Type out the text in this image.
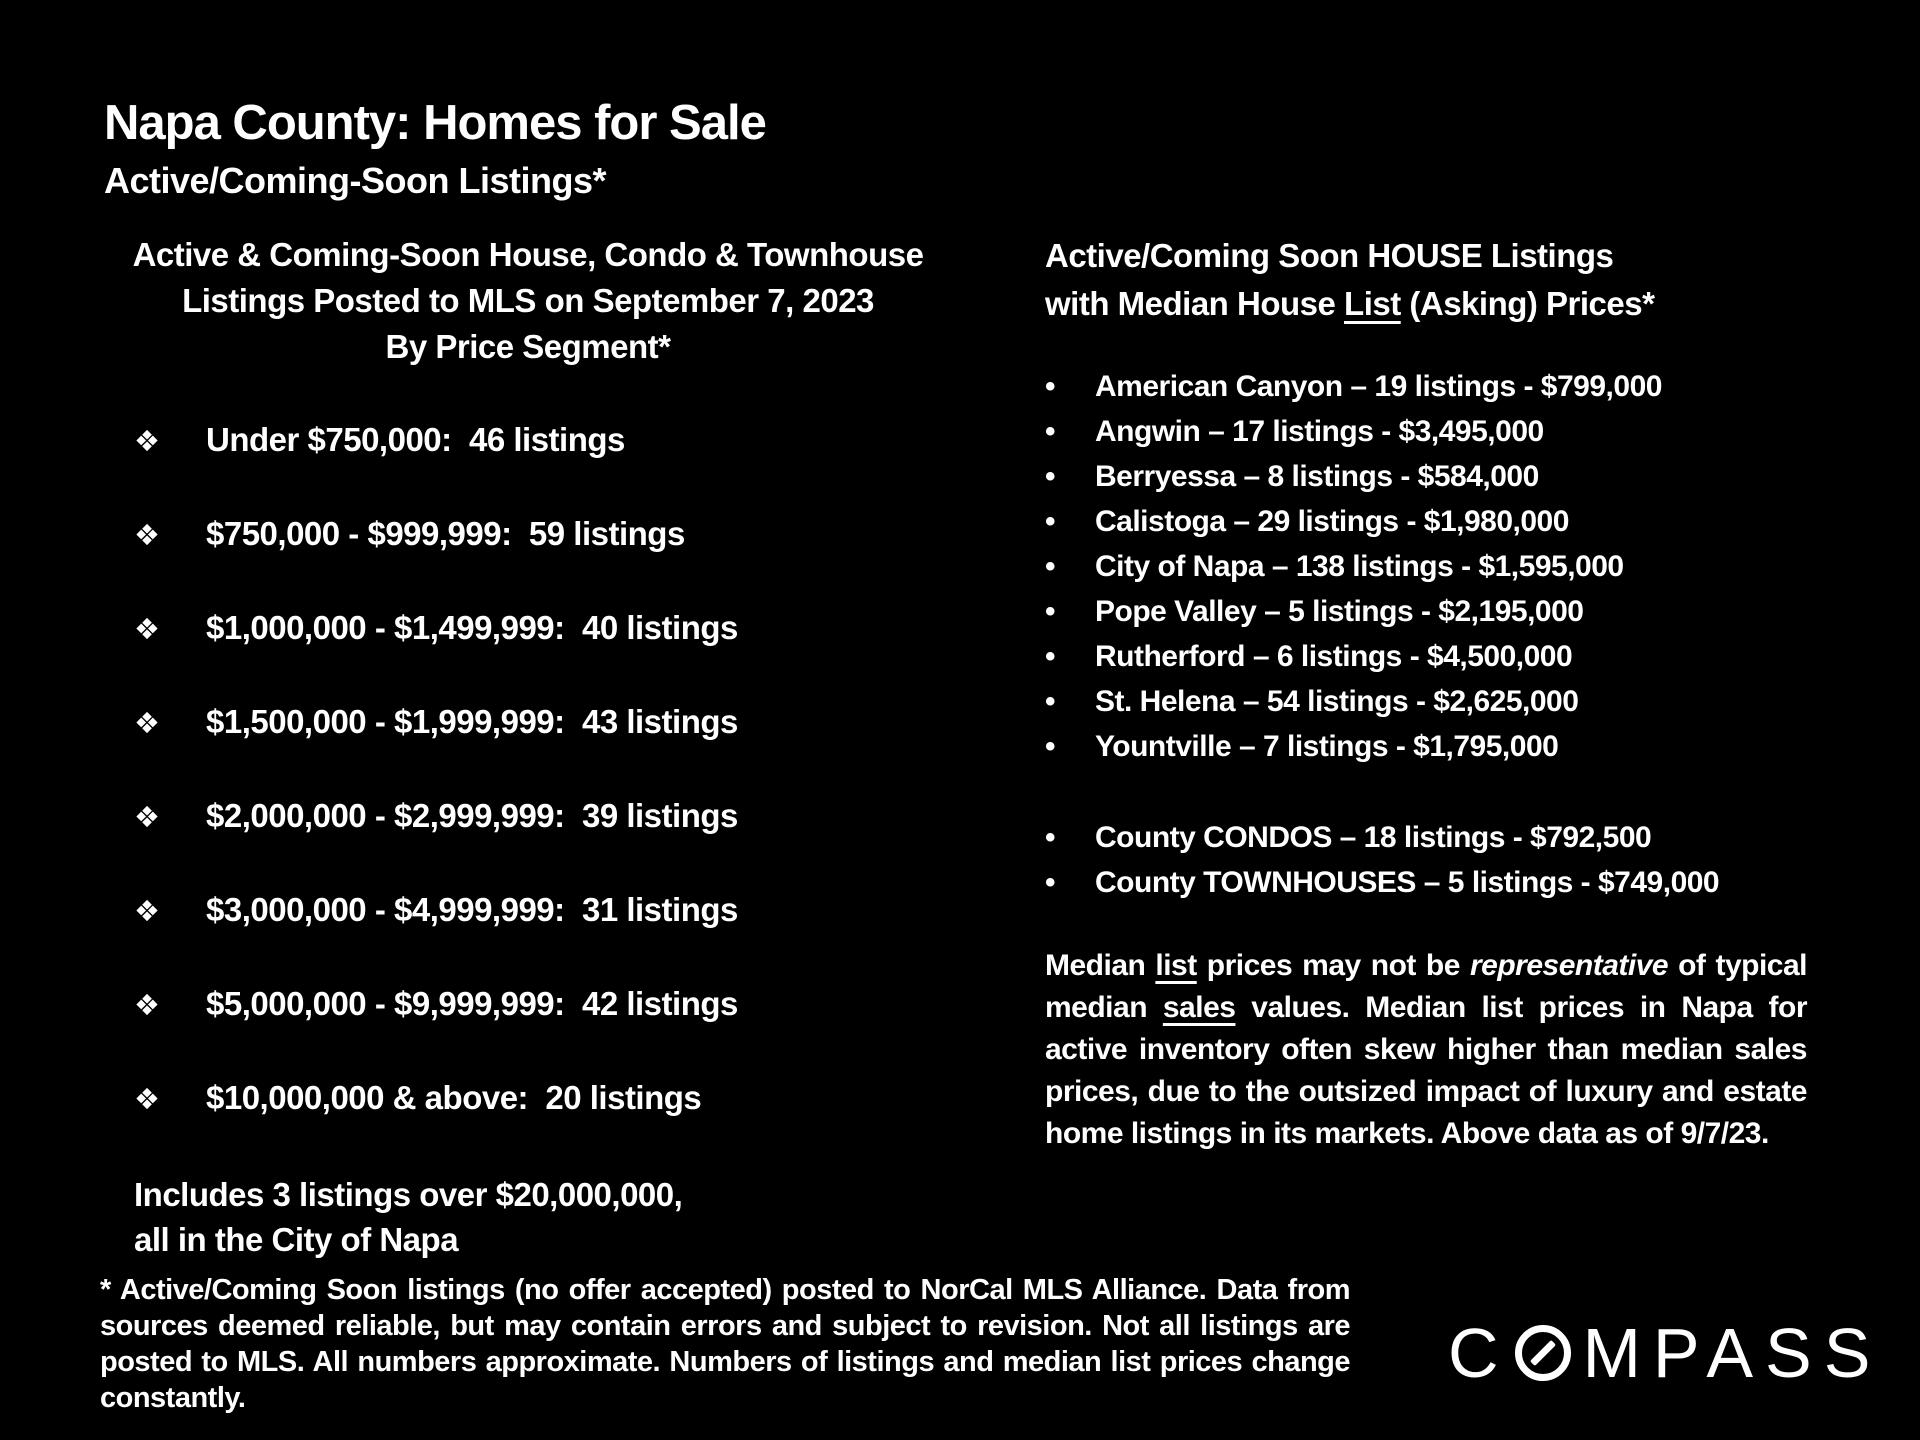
Napa County: Homes for Sale
Active/Coming-Soon Listings*
Active & Coming-Soon House, Condo & Townhouse
Listings Posted to MLS on September 7, 2023
By Price Segment*
❖	Under $750,000:  46 listings
❖	$750,000 - $999,999:  59 listings
❖	$1,000,000 - $1,499,999:  40 listings
❖	$1,500,000 - $1,999,999:  43 listings
❖	$2,000,000 - $2,999,999:  39 listings
❖	$3,000,000 - $4,999,999:  31 listings
❖	$5,000,000 - $9,999,999:  42 listings
❖	$10,000,000 & above:  20 listings
Includes 3 listings over $20,000,000,
all in the City of Napa
Active/Coming Soon HOUSE Listings
with Median House List (Asking) Prices*
•	American Canyon – 19 listings - $799,000
•	Angwin – 17 listings - $3,495,000
•	Berryessa – 8 listings - $584,000
•	Calistoga – 29 listings - $1,980,000
•	City of Napa – 138 listings - $1,595,000
•	Pope Valley – 5 listings - $2,195,000
•	Rutherford – 6 listings - $4,500,000
•	St. Helena – 54 listings - $2,625,000
•	Yountville – 7 listings - $1,795,000
•	County CONDOS – 18 listings - $792,500
•	County TOWNHOUSES – 5 listings - $749,000

Median list prices may not be representative of typical median sales values. Median list prices in Napa for active inventory often skew higher than median sales prices, due to the outsized impact of luxury and estate home listings in its markets. Above data as of 9/7/23.

* Active/Coming Soon listings (no offer accepted) posted to NorCal MLS Alliance. Data from sources deemed reliable, but may contain errors and subject to revision. Not all listings are posted to MLS. All numbers approximate. Numbers of listings and median list prices change constantly.

C MPASS
